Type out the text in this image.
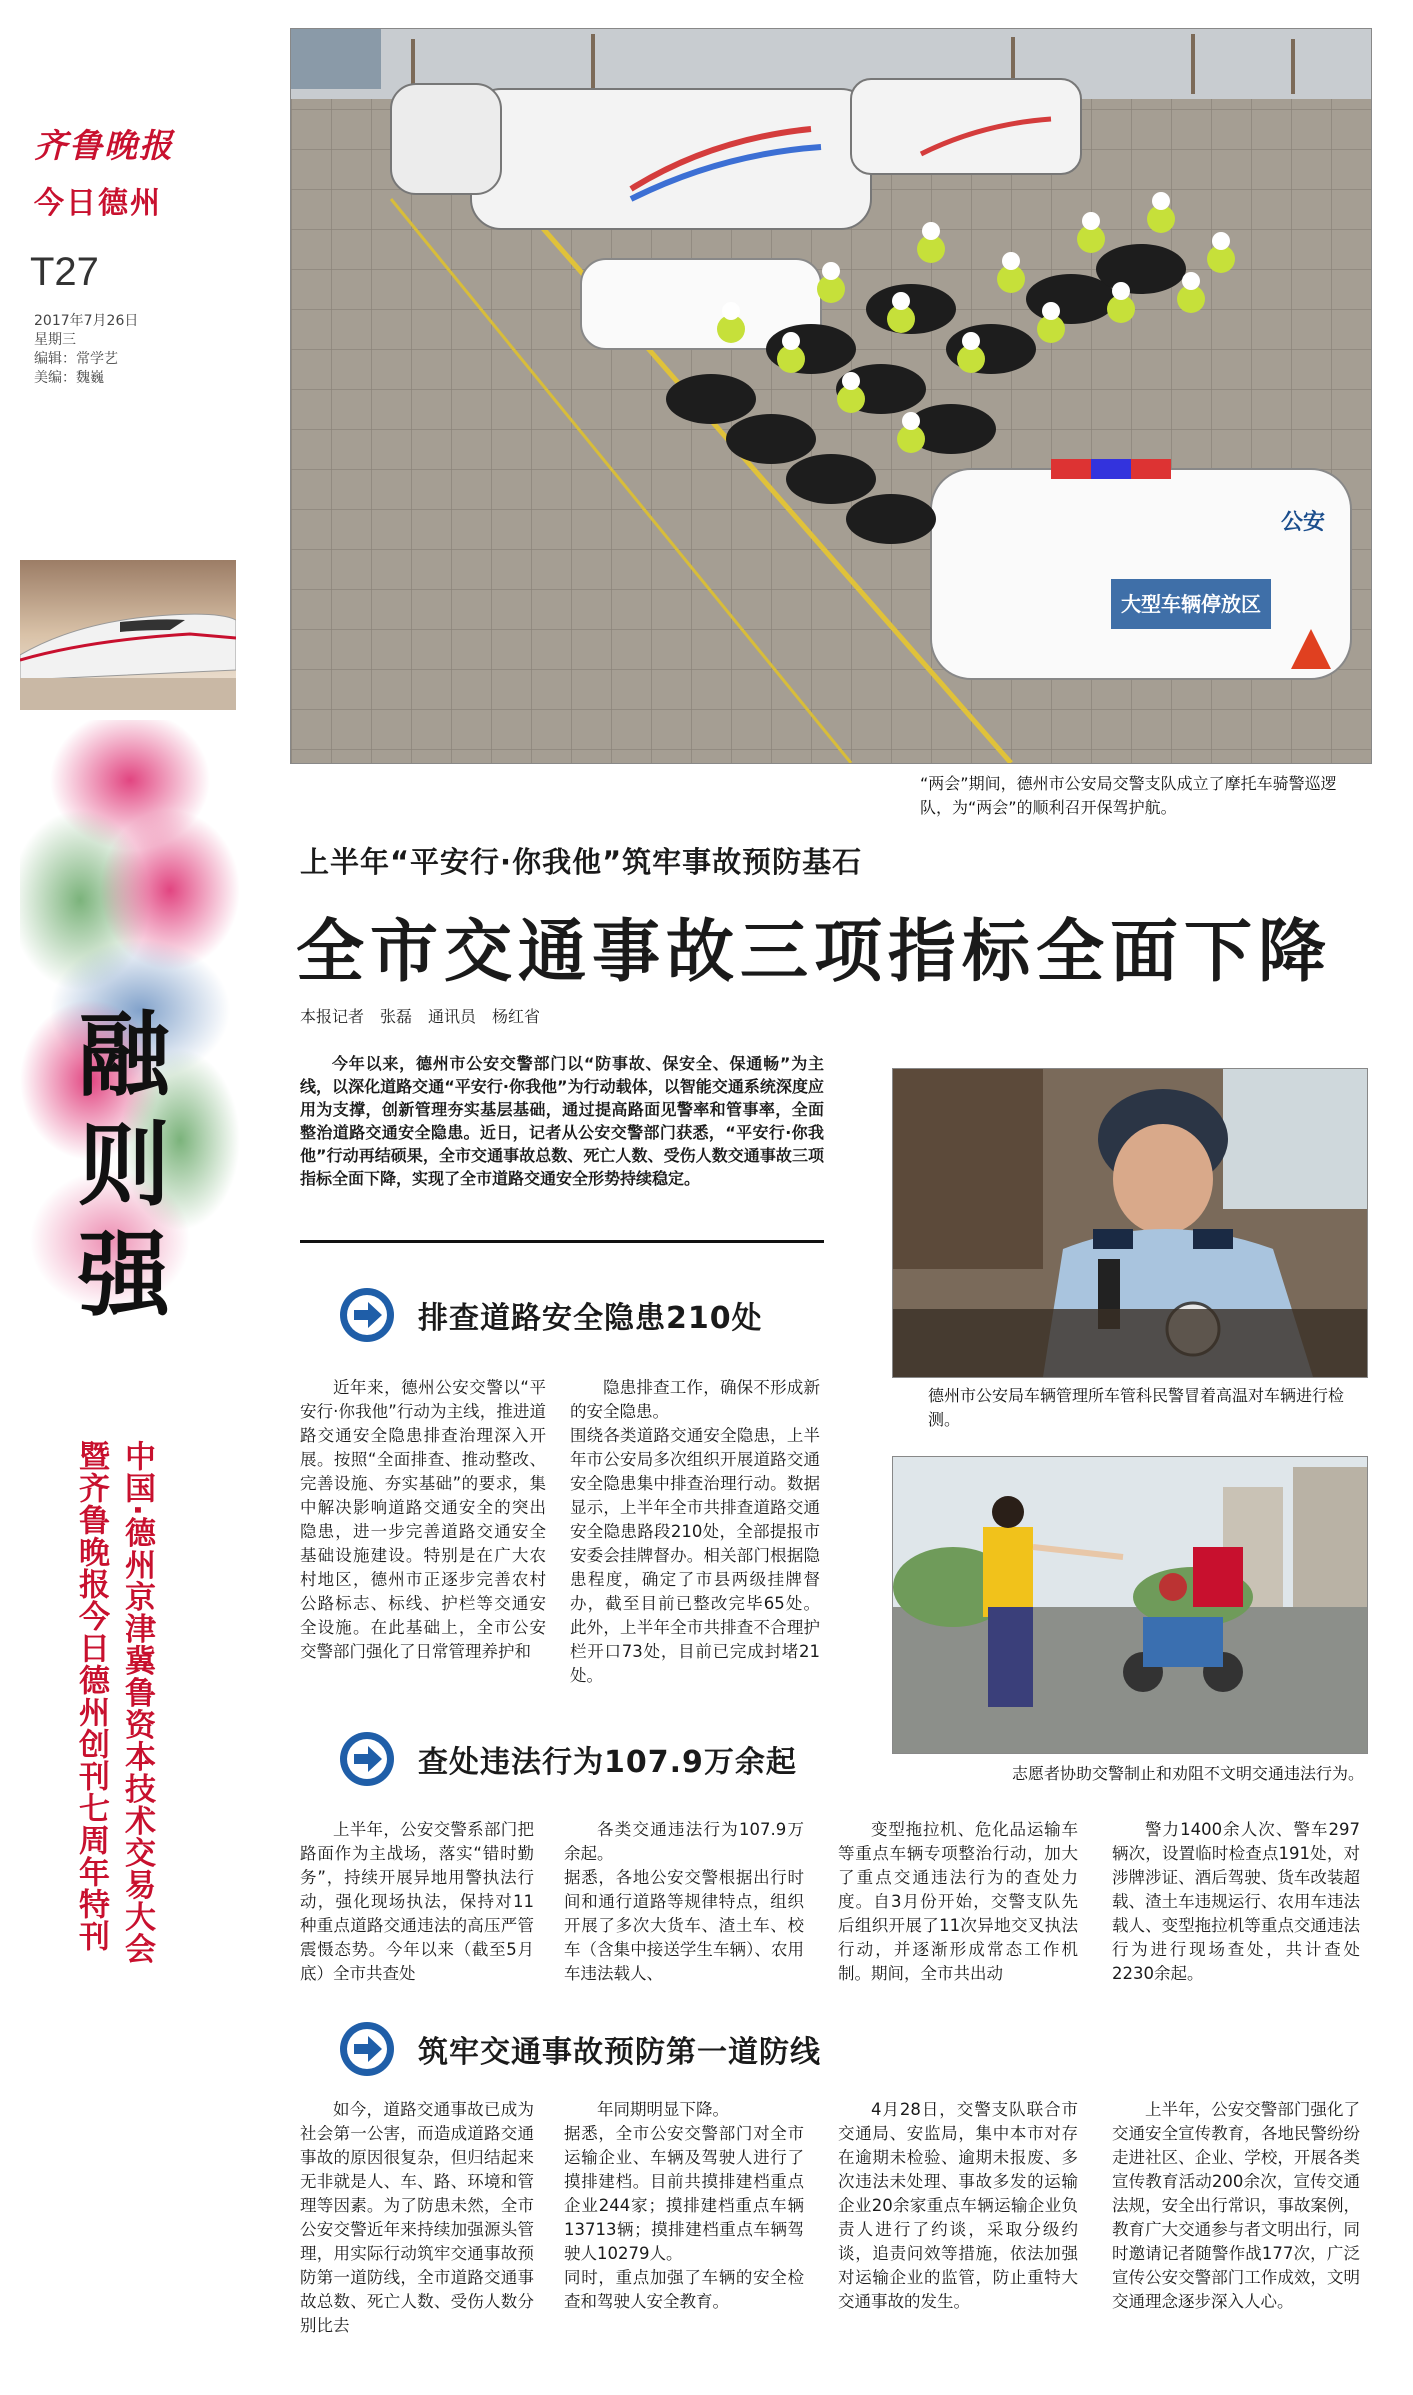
齐鲁晚报
今日德州
T27
2017年7月26日
星期三
编辑：常学艺
美编：魏巍
融则强
中国·德州京津冀鲁资本技术交易大会
暨齐鲁晚报今日德州创刊七周年特刊
大型车辆停放区
公安
“两会”期间，德州市公安局交警支队成立了摩托车骑警巡逻队，为“两会”的顺利召开保驾护航。
上半年“平安行·你我他”筑牢事故预防基石
全市交通事故三项指标全面下降
本报记者　张磊　通讯员　杨红省
今年以来，德州市公安交警部门以“防事故、保安全、保通畅”为主线，以深化道路交通“平安行·你我他”为行动载体，以智能交通系统深度应用为支撑，创新管理夯实基层基础，通过提高路面见警率和管事率，全面整治道路交通安全隐患。近日，记者从公安交警部门获悉，“平安行·你我他”行动再结硕果，全市交通事故总数、死亡人数、受伤人数交通事故三项指标全面下降，实现了全市道路交通安全形势持续稳定。
德州市公安局车辆管理所车管科民警冒着高温对车辆进行检测。
志愿者协助交警制止和劝阻不文明交通违法行为。
排查道路安全隐患210处
近年来，德州公安交警以“平安行·你我他”行动为主线，推进道路交通安全隐患排查治理深入开展。按照“全面排查、推动整改、完善设施、夯实基础”的要求，集中解决影响道路交通安全的突出隐患，进一步完善道路交通安全基础设施建设。特别是在广大农村地区，德州市正逐步完善农村公路标志、标线、护栏等交通安全设施。在此基础上，全市公安交警部门强化了日常管理养护和
隐患排查工作，确保不形成新的安全隐患。
围绕各类道路交通安全隐患，上半年市公安局多次组织开展道路交通安全隐患集中排查治理行动。数据显示，上半年全市共排查道路交通安全隐患路段210处，全部提报市安委会挂牌督办。相关部门根据隐患程度，确定了市县两级挂牌督办，截至目前已整改完毕65处。此外，上半年全市共排查不合理护栏开口73处，目前已完成封堵21处。
查处违法行为107.9万余起
上半年，公安交警系部门把路面作为主战场，落实“错时勤务”，持续开展异地用警执法行动，强化现场执法，保持对11种重点道路交通违法的高压严管震慑态势。今年以来（截至5月底）全市共查处
各类交通违法行为107.9万余起。
据悉，各地公安交警根据出行时间和通行道路等规律特点，组织开展了多次大货车、渣土车、校车（含集中接送学生车辆）、农用车违法载人、
变型拖拉机、危化品运输车等重点车辆专项整治行动，加大了重点交通违法行为的查处力度。自3月份开始，交警支队先后组织开展了11次异地交叉执法行动，并逐渐形成常态工作机制。期间，全市共出动
警力1400余人次、警车297辆次，设置临时检查点191处，对涉牌涉证、酒后驾驶、货车改装超载、渣土车违规运行、农用车违法载人、变型拖拉机等重点交通违法行为进行现场查处，共计查处2230余起。
筑牢交通事故预防第一道防线
如今，道路交通事故已成为社会第一公害，而造成道路交通事故的原因很复杂，但归结起来无非就是人、车、路、环境和管理等因素。为了防患未然，全市公安交警近年来持续加强源头管理，用实际行动筑牢交通事故预防第一道防线，全市道路交通事故总数、死亡人数、受伤人数分别比去
年同期明显下降。
据悉，全市公安交警部门对全市运输企业、车辆及驾驶人进行了摸排建档。目前共摸排建档重点企业244家；摸排建档重点车辆13713辆；摸排建档重点车辆驾驶人10279人。
同时，重点加强了车辆的安全检查和驾驶人安全教育。
4月28日，交警支队联合市交通局、安监局，集中本市对存在逾期未检验、逾期未报废、多次违法未处理、事故多发的运输企业20余家重点车辆运输企业负责人进行了约谈，采取分级约谈，追责问效等措施，依法加强对运输企业的监管，防止重特大交通事故的发生。
上半年，公安交警部门强化了交通安全宣传教育，各地民警纷纷走进社区、企业、学校，开展各类宣传教育活动200余次，宣传交通法规，安全出行常识，事故案例，教育广大交通参与者文明出行，同时邀请记者随警作战177次，广泛宣传公安交警部门工作成效，文明交通理念逐步深入人心。
